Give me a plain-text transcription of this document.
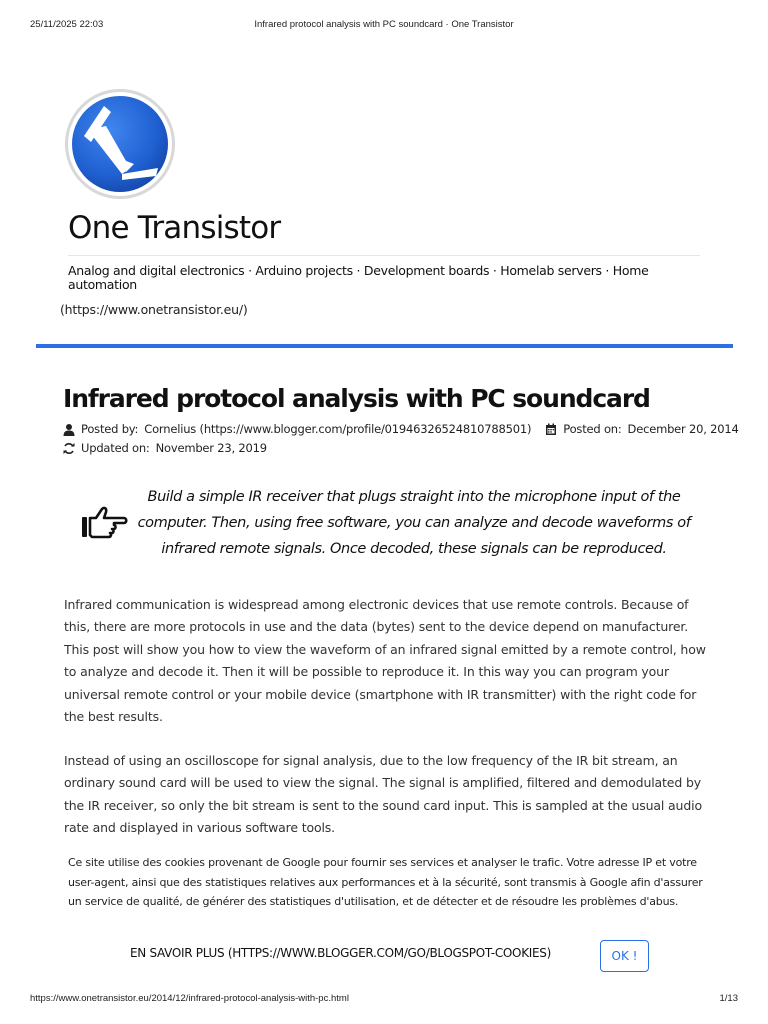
25/11/2025 22:03	Infrared protocol analysis with PC soundcard · One Transistor
One Transistor
Analog and digital electronics · Arduino projects · Development boards · Homelab servers · Home automation
(https://www.onetransistor.eu/)
Infrared protocol analysis with PC soundcard
Posted by: Cornelius (https://www.blogger.com/profile/01946326524810788501)	Posted on: December 20, 2014
Updated on: November 23, 2019
Build a simple IR receiver that plugs straight into the microphone input of the computer. Then, using free software, you can analyze and decode waveforms of infrared remote signals. Once decoded, these signals can be reproduced.

Infrared communication is widespread among electronic devices that use remote controls. Because of this, there are more protocols in use and the data (bytes) sent to the device depend on manufacturer. This post will show you how to view the waveform of an infrared signal emitted by a remote control, how to analyze and decode it. Then it will be possible to reproduce it. In this way you can program your universal remote control or your mobile device (smartphone with IR transmitter) with the right code for the best results.

Instead of using an oscilloscope for signal analysis, due to the low frequency of the IR bit stream, an ordinary sound card will be used to view the signal. The signal is amplified, filtered and demodulated by the IR receiver, so only the bit stream is sent to the sound card input. This is sampled at the usual audio rate and displayed in various software tools.

Ce site utilise des cookies provenant de Google pour fournir ses services et analyser le trafic. Votre adresse IP et votre user-agent, ainsi que des statistiques relatives aux performances et à la sécurité, sont transmis à Google afin d'assurer un service de qualité, de générer des statistiques d'utilisation, et de détecter et de résoudre les problèmes d'abus.
EN SAVOIR PLUS (HTTPS://WWW.BLOGGER.COM/GO/BLOGSPOT-COOKIES)	OK !
https://www.onetransistor.eu/2014/12/infrared-protocol-analysis-with-pc.html	1/13
